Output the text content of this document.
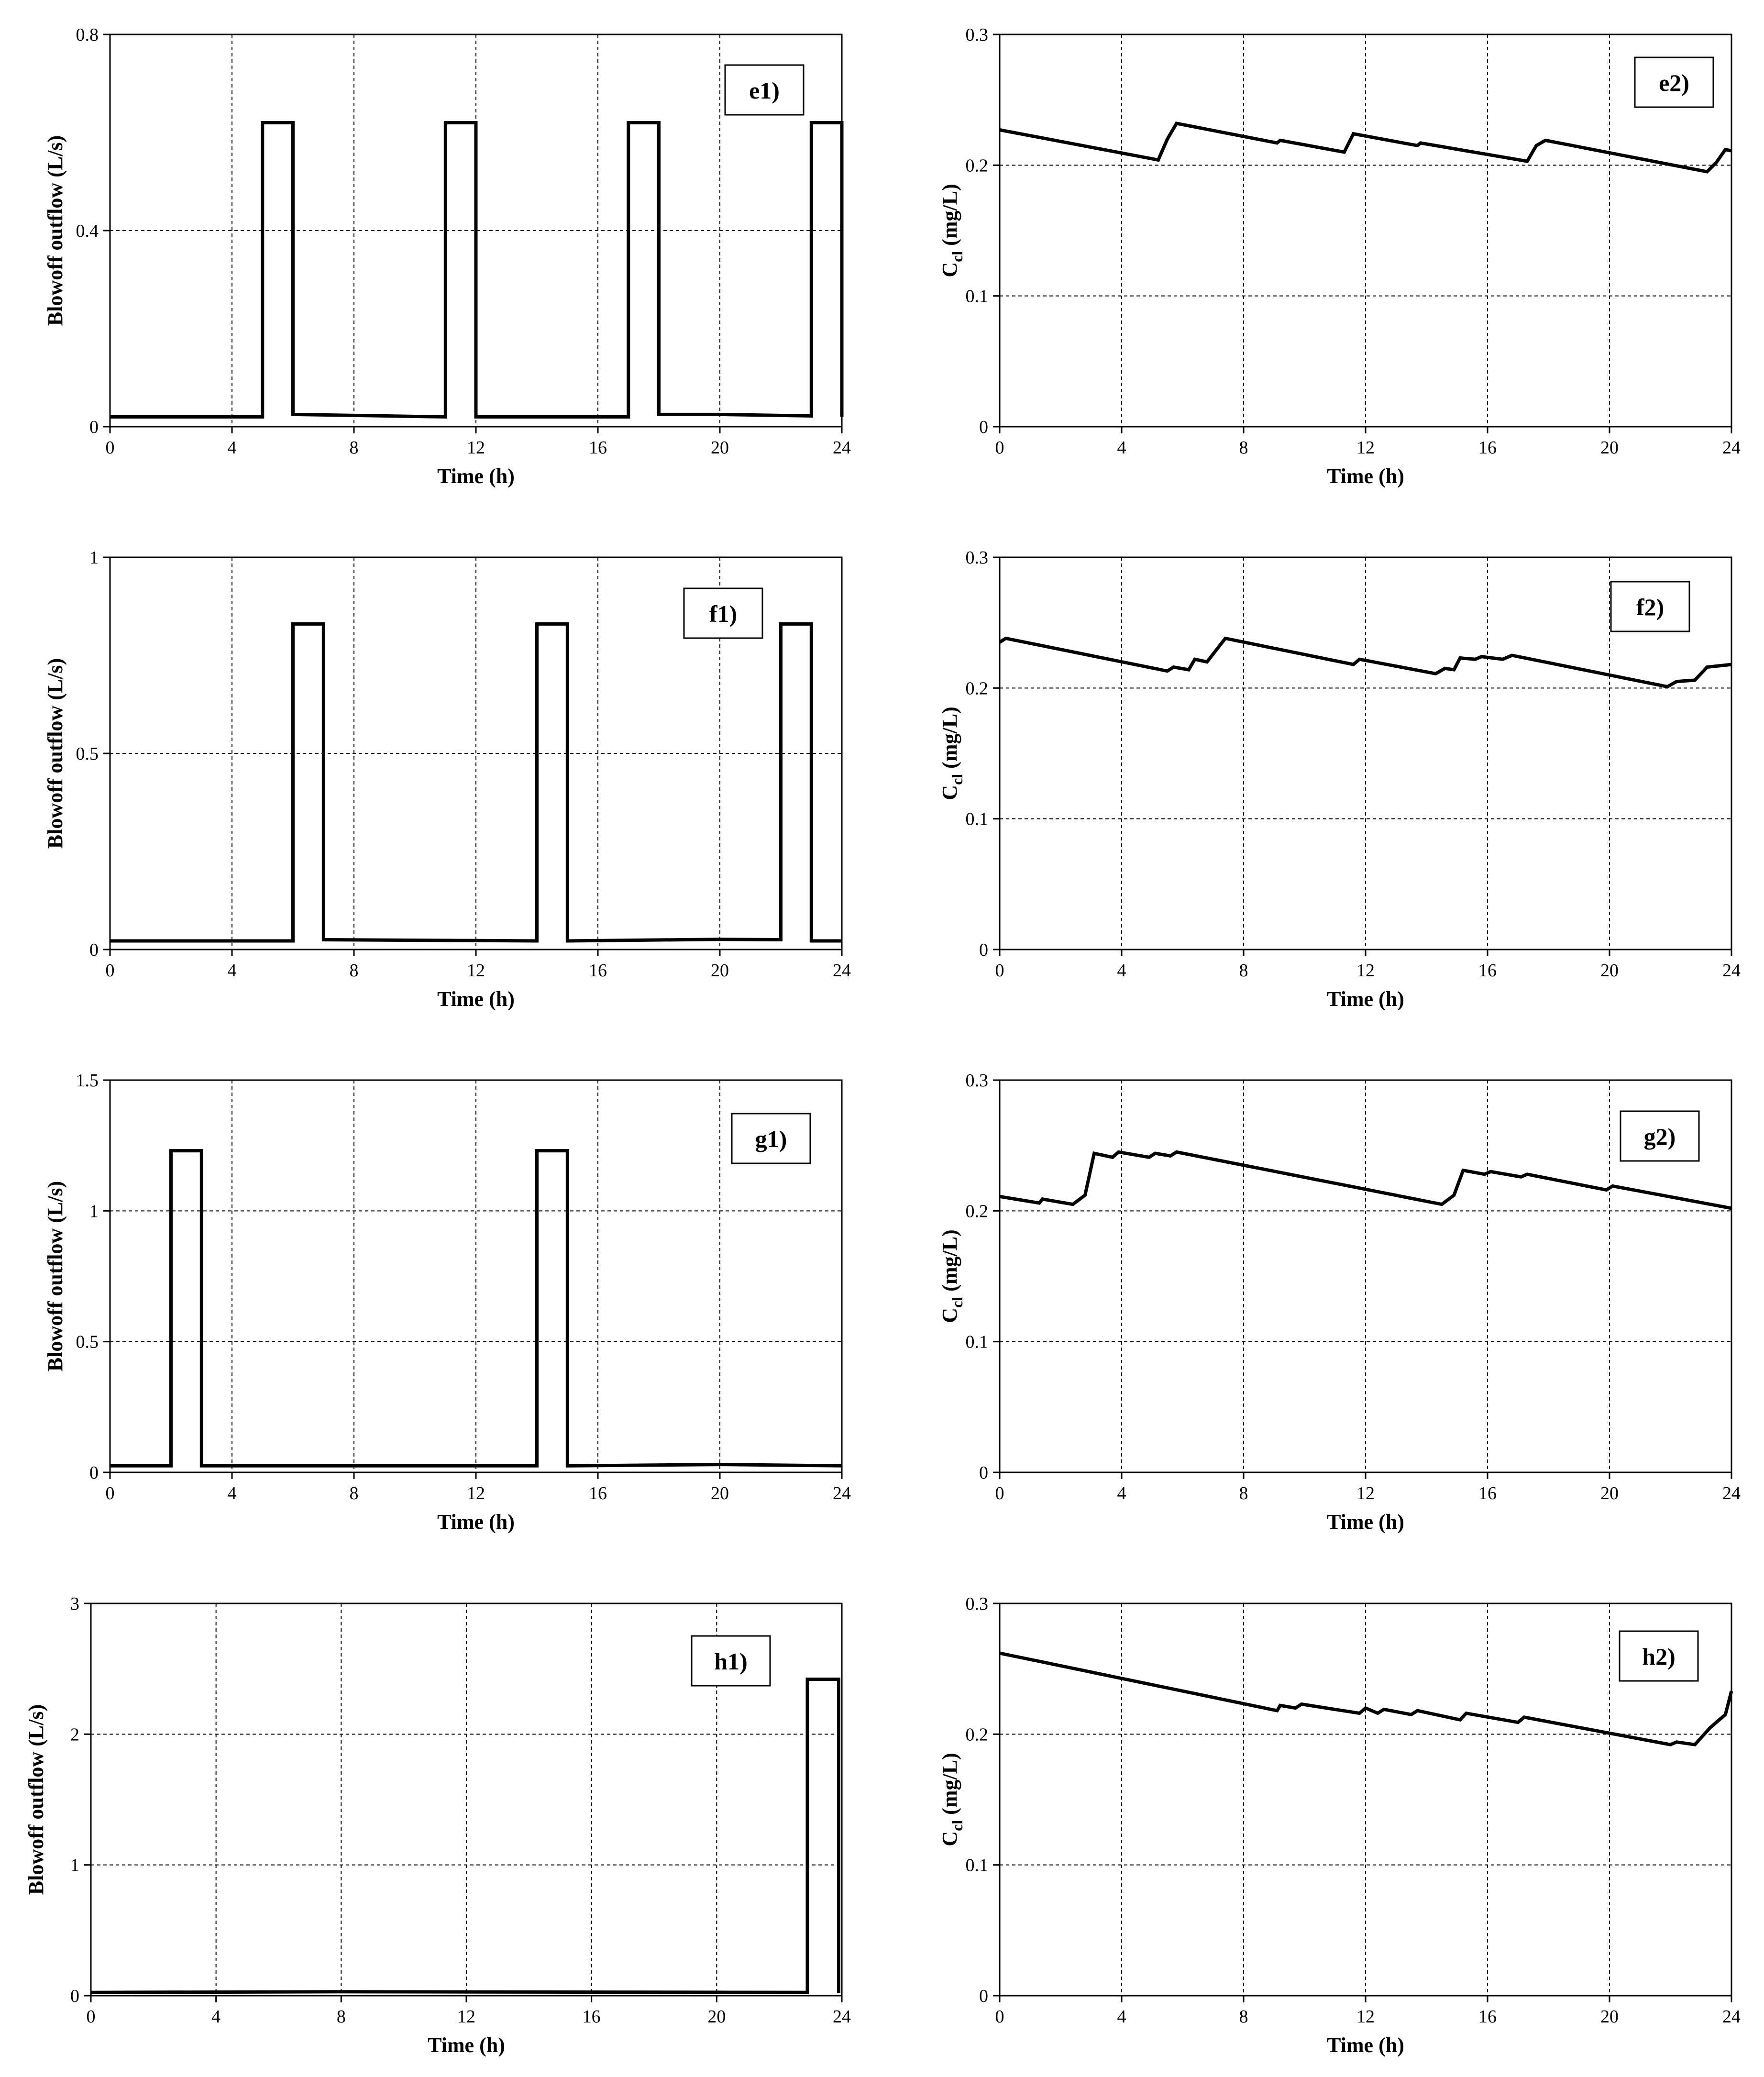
0	4	8	12	16	20	24
0
0.4
0.8
Time (h)
Blowoff outflow (L/s)
e1)
0	4	8	12	16	20	24
0
0.1
0.2
0.3
Time (h)
$C_{cl}$ (mg/L)
e2)
0	4	8	12	16	20	24
0
0.5
1
Time (h)
Blowoff outflow (L/s)
f1)
0	4	8	12	16	20	24
0
0.1
0.2
0.3
Time (h)
$C_{cl}$ (mg/L)
f2)
0	4	8	12	16	20	24
0
0.5
1
1.5
Time (h)
Blowoff outflow (L/s)
g1)
0	4	8	12	16	20	24
0
0.1
0.2
0.3
Time (h)
$C_{cl}$ (mg/L)
g2)
0	4	8	12	16	20	24
0
1
2
3
Time (h)
Blowoff outflow (L/s)
h1)
0	4	8	12	16	20	24
0
0.1
0.2
0.3
Time (h)
$C_{cl}$ (mg/L)
h2)
